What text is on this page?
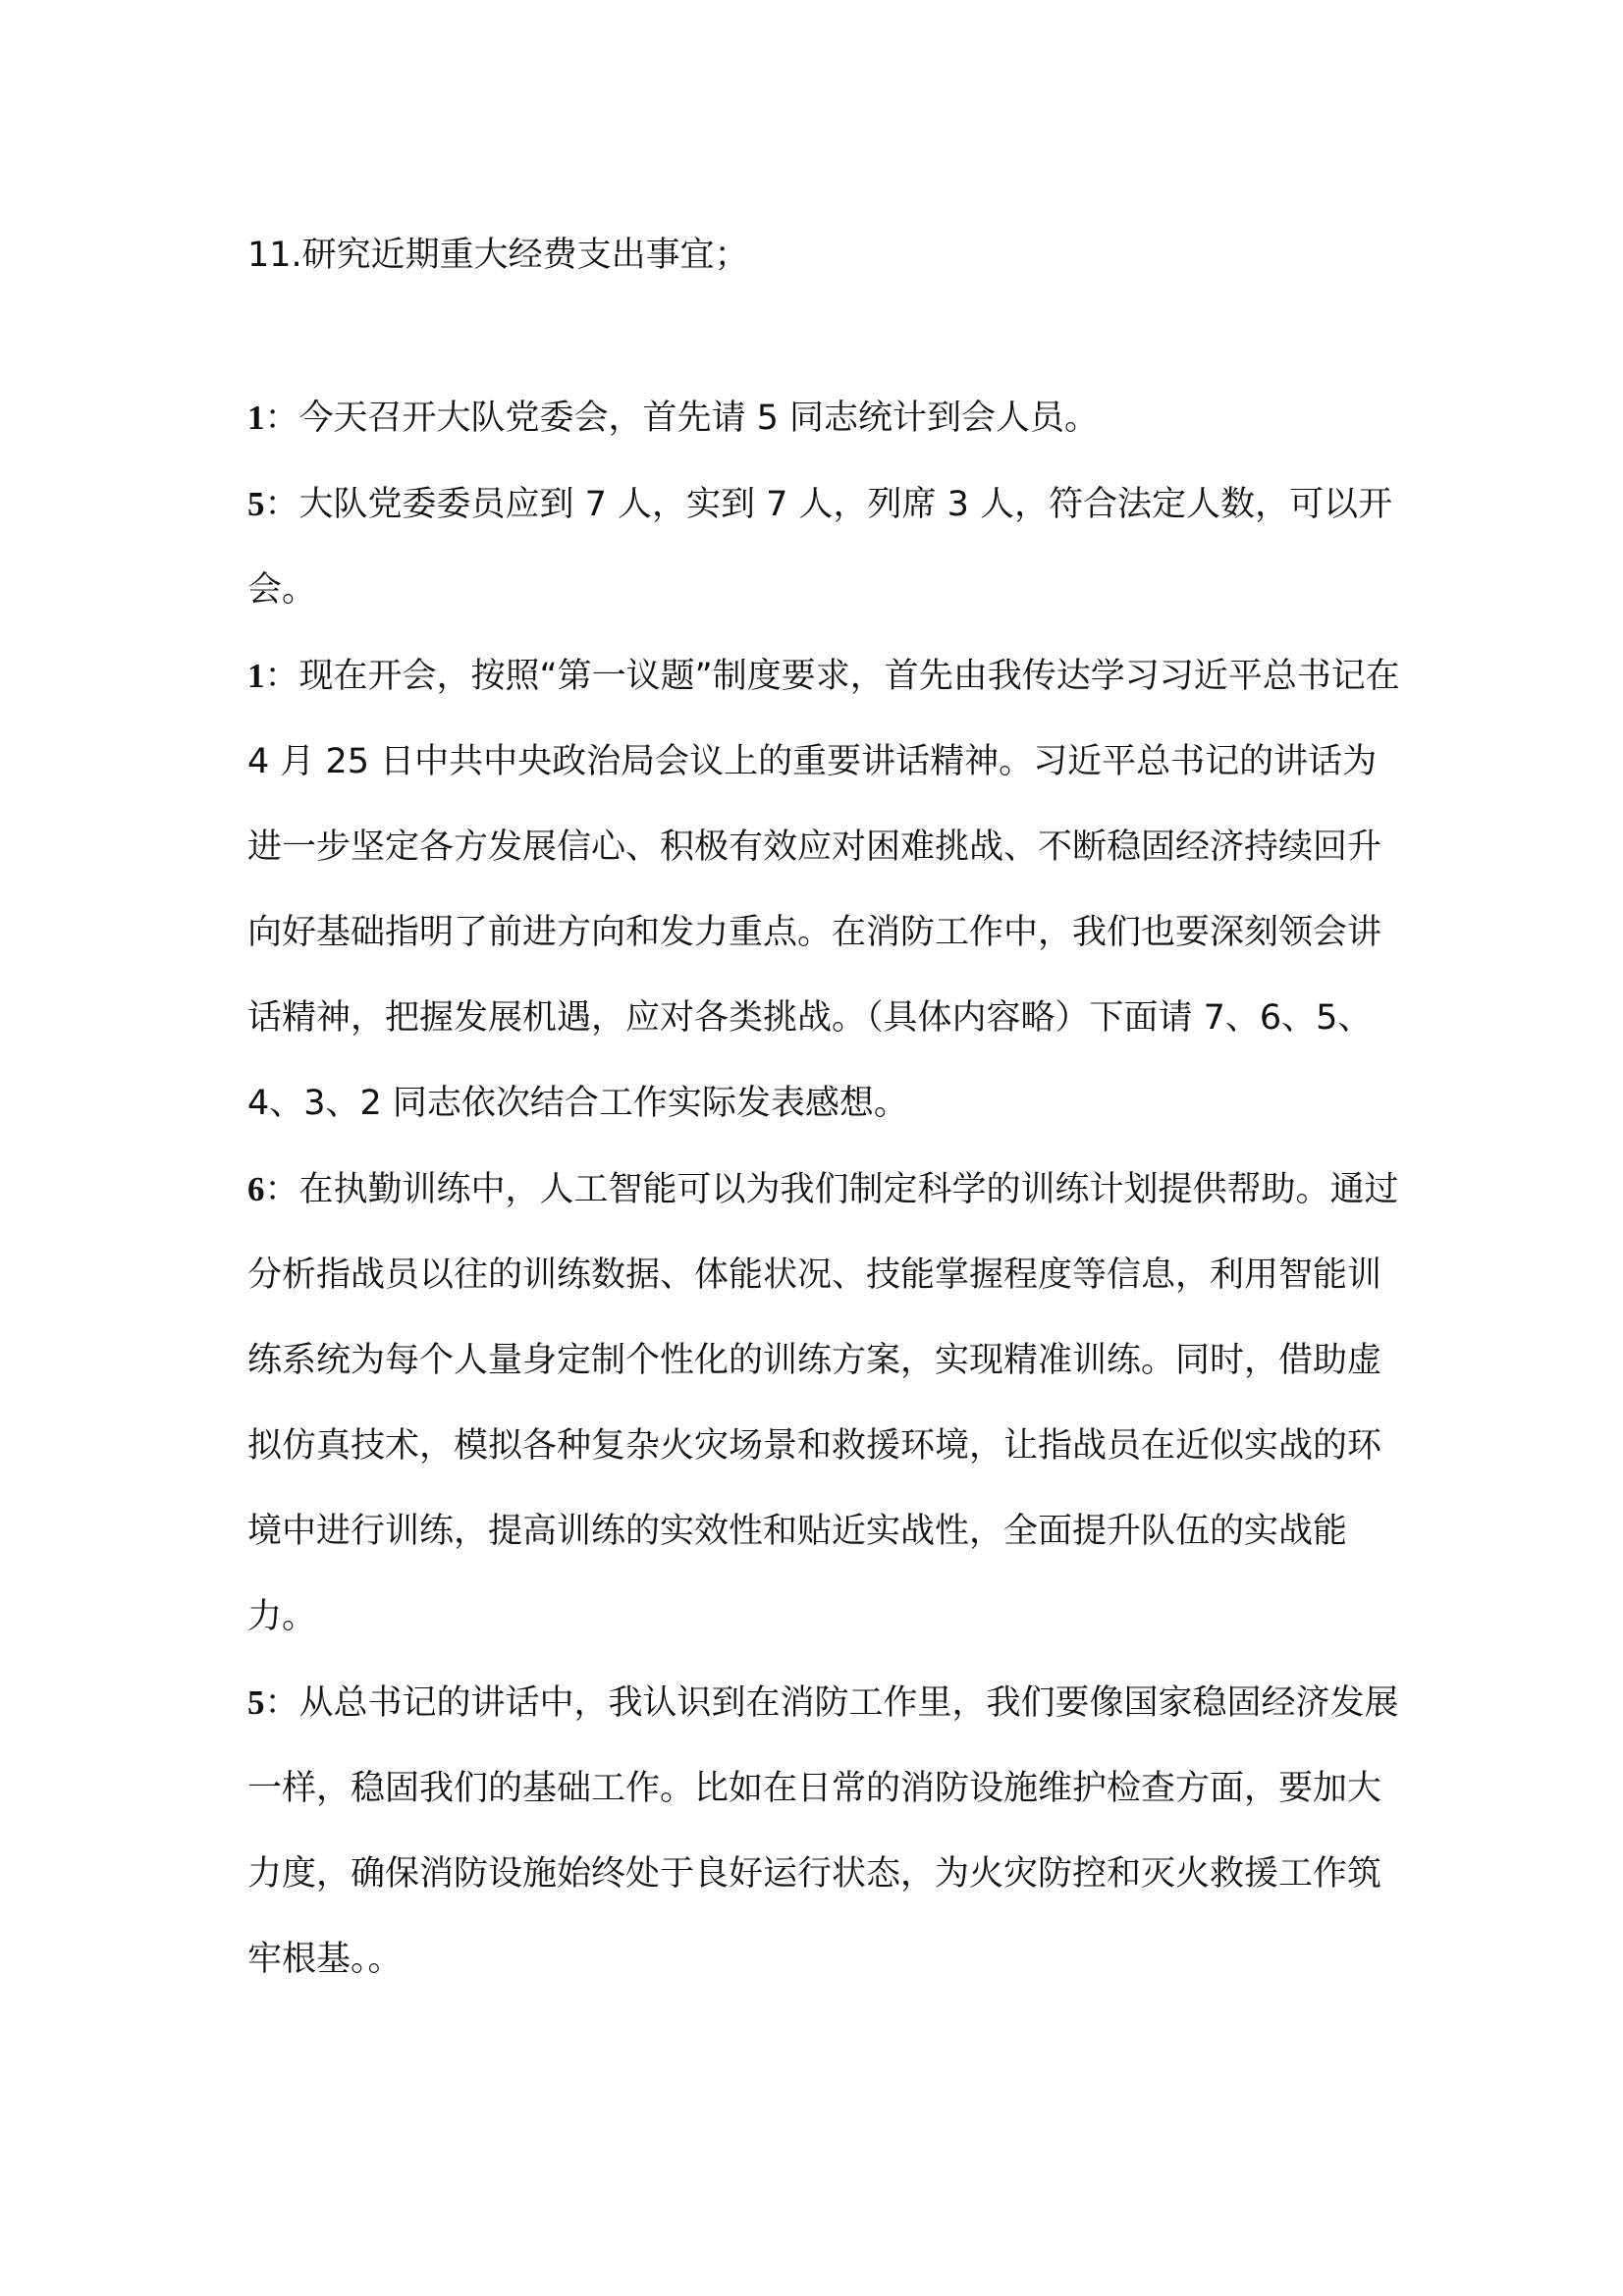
11.研究近期重大经费支出事宜；

1：今天召开大队党委会，首先请 5 同志统计到会人员。

5：大队党委委员应到 7 人，实到 7 人，列席 3 人，符合法定人数，可以开会。

1：现在开会，按照“第一议题”制度要求，首先由我传达学习习近平总书记在 4 月 25 日中共中央政治局会议上的重要讲话精神。习近平总书记的讲话为进一步坚定各方发展信心、积极有效应对困难挑战、不断稳固经济持续回升向好基础指明了前进方向和发力重点。在消防工作中，我们也要深刻领会讲话精神，把握发展机遇，应对各类挑战。（具体内容略）下面请 7、6、5、4、3、2 同志依次结合工作实际发表感想。

6：在执勤训练中，人工智能可以为我们制定科学的训练计划提供帮助。通过分析指战员以往的训练数据、体能状况、技能掌握程度等信息，利用智能训练系统为每个人量身定制个性化的训练方案，实现精准训练。同时，借助虚拟仿真技术，模拟各种复杂火灾场景和救援环境，让指战员在近似实战的环境中进行训练，提高训练的实效性和贴近实战性，全面提升队伍的实战能力。

5：从总书记的讲话中，我认识到在消防工作里，我们要像国家稳固经济发展一样，稳固我们的基础工作。比如在日常的消防设施维护检查方面，要加大力度，确保消防设施始终处于良好运行状态，为火灾防控和灭火救援工作筑牢根基。。
